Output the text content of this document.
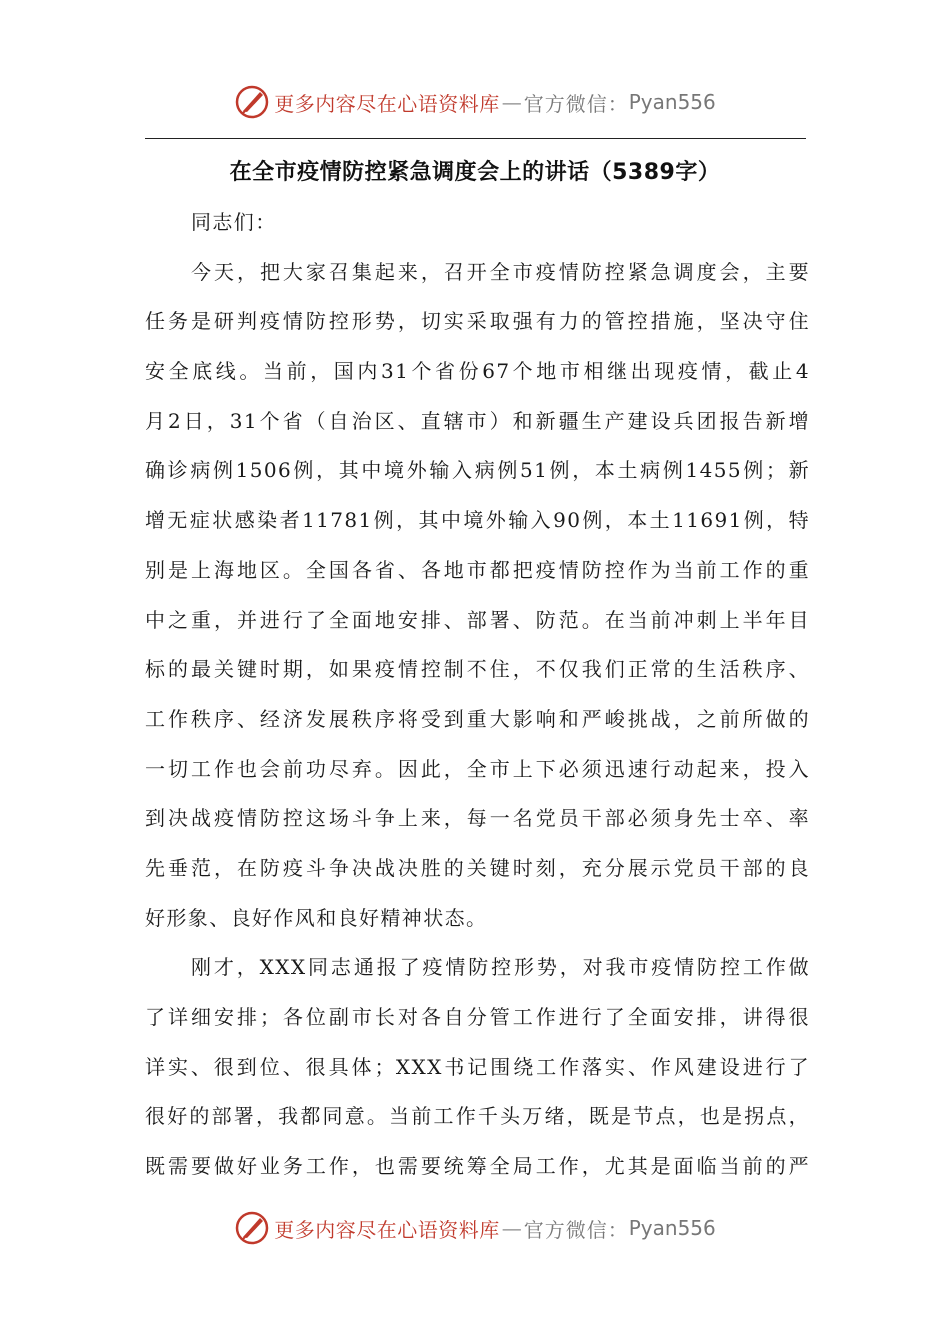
更多内容尽在心语资料库 — 官方微信： Pyan556
在全市疫情防控紧急调度会上的讲话（5389字）
同志们：
今天，把大家召集起来，召开全市疫情防控紧急调度会，主要
任务是研判疫情防控形势，切实采取强有力的管控措施，坚决守住
安全底线。当前，国内31个省份67个地市相继出现疫情，截止4
月2日，31个省（自治区、直辖市）和新疆生产建设兵团报告新增
确诊病例1506例，其中境外输入病例51例，本土病例1455例；新
增无症状感染者11781例，其中境外输入90例，本土11691例，特
别是上海地区。全国各省、各地市都把疫情防控作为当前工作的重
中之重，并进行了全面地安排、部署、防范。在当前冲刺上半年目
标的最关键时期，如果疫情控制不住，不仅我们正常的生活秩序、
工作秩序、经济发展秩序将受到重大影响和严峻挑战，之前所做的
一切工作也会前功尽弃。因此，全市上下必须迅速行动起来，投入
到决战疫情防控这场斗争上来，每一名党员干部必须身先士卒、率
先垂范，在防疫斗争决战决胜的关键时刻，充分展示党员干部的良
好形象、良好作风和良好精神状态。
刚才，XXX同志通报了疫情防控形势，对我市疫情防控工作做
了详细安排；各位副市长对各自分管工作进行了全面安排，讲得很
详实、很到位、很具体；XXX书记围绕工作落实、作风建设进行了
很好的部署，我都同意。当前工作千头万绪，既是节点，也是拐点，
既需要做好业务工作，也需要统筹全局工作，尤其是面临当前的严
更多内容尽在心语资料库 — 官方微信： Pyan556
